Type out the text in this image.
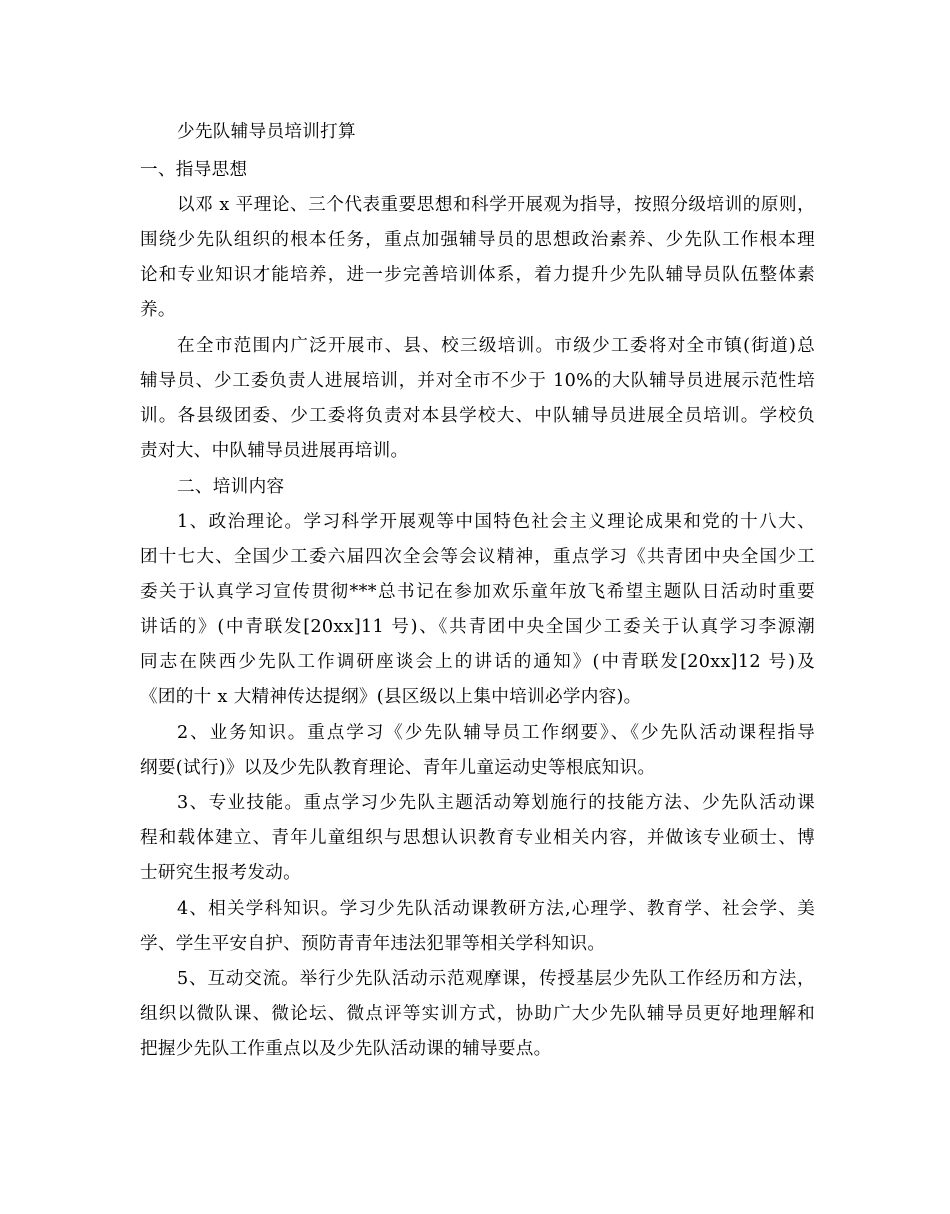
少先队辅导员培训打算
一、指导思想
以邓 x 平理论、三个代表重要思想和科学开展观为指导，按照分级培训的原则，
围绕少先队组织的根本任务，重点加强辅导员的思想政治素养、少先队工作根本理
论和专业知识才能培养，进一步完善培训体系，着力提升少先队辅导员队伍整体素
养。
在全市范围内广泛开展市、县、校三级培训。市级少工委将对全市镇(街道)总
辅导员、少工委负责人进展培训，并对全市不少于 10%的大队辅导员进展示范性培
训。各县级团委、少工委将负责对本县学校大、中队辅导员进展全员培训。学校负
责对大、中队辅导员进展再培训。
二、培训内容
1、政治理论。学习科学开展观等中国特色社会主义理论成果和党的十八大、
团十七大、全国少工委六届四次全会等会议精神，重点学习《共青团中央全国少工
委关于认真学习宣传贯彻***总书记在参加欢乐童年放飞希望主题队日活动时重要
讲话的》(中青联发[20xx]11 号)、《共青团中央全国少工委关于认真学习李源潮
同志在陕西少先队工作调研座谈会上的讲话的通知》(中青联发[20xx]12 号)及
《团的十 x 大精神传达提纲》(县区级以上集中培训必学内容)。
2、业务知识。重点学习《少先队辅导员工作纲要》、《少先队活动课程指导
纲要(试行)》以及少先队教育理论、青年儿童运动史等根底知识。
3、专业技能。重点学习少先队主题活动筹划施行的技能方法、少先队活动课
程和载体建立、青年儿童组织与思想认识教育专业相关内容，并做该专业硕士、博
士研究生报考发动。
4、相关学科知识。学习少先队活动课教研方法,心理学、教育学、社会学、美
学、学生平安自护、预防青青年违法犯罪等相关学科知识。
5、互动交流。举行少先队活动示范观摩课，传授基层少先队工作经历和方法，
组织以微队课、微论坛、微点评等实训方式，协助广大少先队辅导员更好地理解和
把握少先队工作重点以及少先队活动课的辅导要点。
